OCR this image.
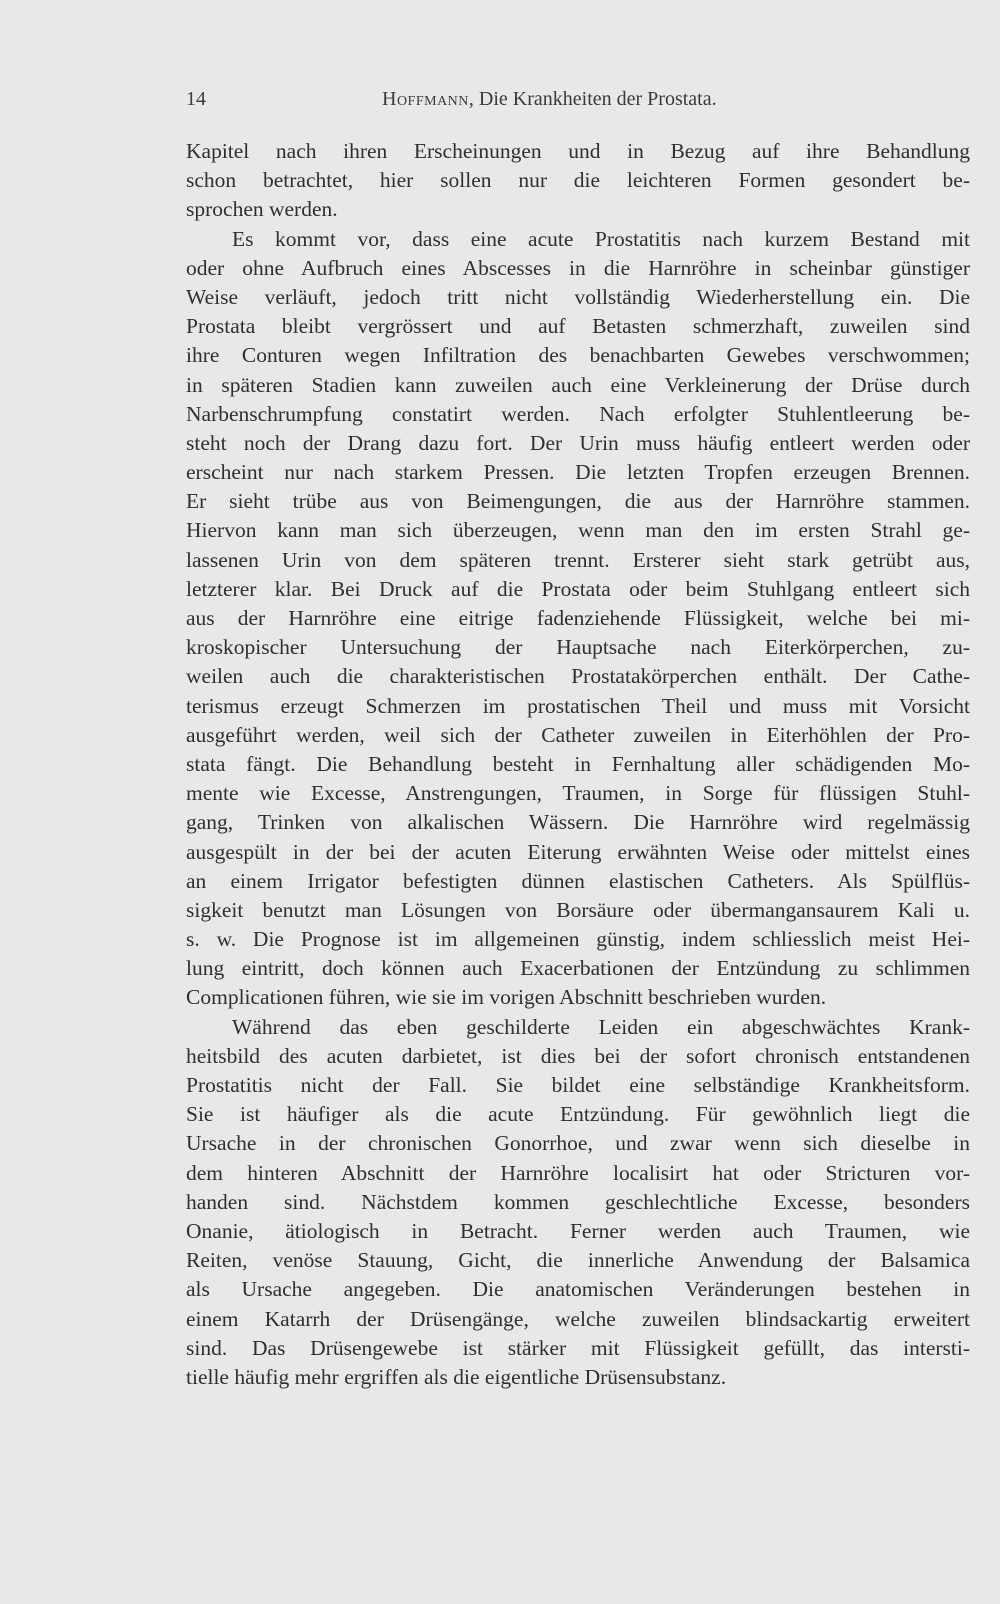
14	Hoffmann, Die Krankheiten der Prostata.
Kapitel nach ihren Erscheinungen und in Bezug auf ihre Behandlung
schon betrachtet, hier sollen nur die leichteren Formen gesondert be-
sprochen werden.
Es kommt vor, dass eine acute Prostatitis nach kurzem Bestand mit
oder ohne Aufbruch eines Abscesses in die Harnröhre in scheinbar günstiger
Weise verläuft, jedoch tritt nicht vollständig Wiederherstellung ein. Die
Prostata bleibt vergrössert und auf Betasten schmerzhaft, zuweilen sind
ihre Conturen wegen Infiltration des benachbarten Gewebes verschwommen;
in späteren Stadien kann zuweilen auch eine Verkleinerung der Drüse durch
Narbenschrumpfung constatirt werden. Nach erfolgter Stuhlentleerung be-
steht noch der Drang dazu fort. Der Urin muss häufig entleert werden oder
erscheint nur nach starkem Pressen. Die letzten Tropfen erzeugen Brennen.
Er sieht trübe aus von Beimengungen, die aus der Harnröhre stammen.
Hiervon kann man sich überzeugen, wenn man den im ersten Strahl ge-
lassenen Urin von dem späteren trennt. Ersterer sieht stark getrübt aus,
letzterer klar. Bei Druck auf die Prostata oder beim Stuhlgang entleert sich
aus der Harnröhre eine eitrige fadenziehende Flüssigkeit, welche bei mi-
kroskopischer Untersuchung der Hauptsache nach Eiterkörperchen, zu-
weilen auch die charakteristischen Prostatakörperchen enthält. Der Cathe-
terismus erzeugt Schmerzen im prostatischen Theil und muss mit Vorsicht
ausgeführt werden, weil sich der Catheter zuweilen in Eiterhöhlen der Pro-
stata fängt. Die Behandlung besteht in Fernhaltung aller schädigenden Mo-
mente wie Excesse, Anstrengungen, Traumen, in Sorge für flüssigen Stuhl-
gang, Trinken von alkalischen Wässern. Die Harnröhre wird regelmässig
ausgespült in der bei der acuten Eiterung erwähnten Weise oder mittelst eines
an einem Irrigator befestigten dünnen elastischen Catheters. Als Spülflüs-
sigkeit benutzt man Lösungen von Borsäure oder übermangansaurem Kali u.
s. w. Die Prognose ist im allgemeinen günstig, indem schliesslich meist Hei-
lung eintritt, doch können auch Exacerbationen der Entzündung zu schlimmen
Complicationen führen, wie sie im vorigen Abschnitt beschrieben wurden.
Während das eben geschilderte Leiden ein abgeschwächtes Krank-
heitsbild des acuten darbietet, ist dies bei der sofort chronisch entstandenen
Prostatitis nicht der Fall. Sie bildet eine selbständige Krankheitsform.
Sie ist häufiger als die acute Entzündung. Für gewöhnlich liegt die
Ursache in der chronischen Gonorrhoe, und zwar wenn sich dieselbe in
dem hinteren Abschnitt der Harnröhre localisirt hat oder Stricturen vor-
handen sind. Nächstdem kommen geschlechtliche Excesse, besonders
Onanie, ätiologisch in Betracht. Ferner werden auch Traumen, wie
Reiten, venöse Stauung, Gicht, die innerliche Anwendung der Balsamica
als Ursache angegeben. Die anatomischen Veränderungen bestehen in
einem Katarrh der Drüsengänge, welche zuweilen blindsackartig erweitert
sind. Das Drüsengewebe ist stärker mit Flüssigkeit gefüllt, das intersti-
tielle häufig mehr ergriffen als die eigentliche Drüsensubstanz.
